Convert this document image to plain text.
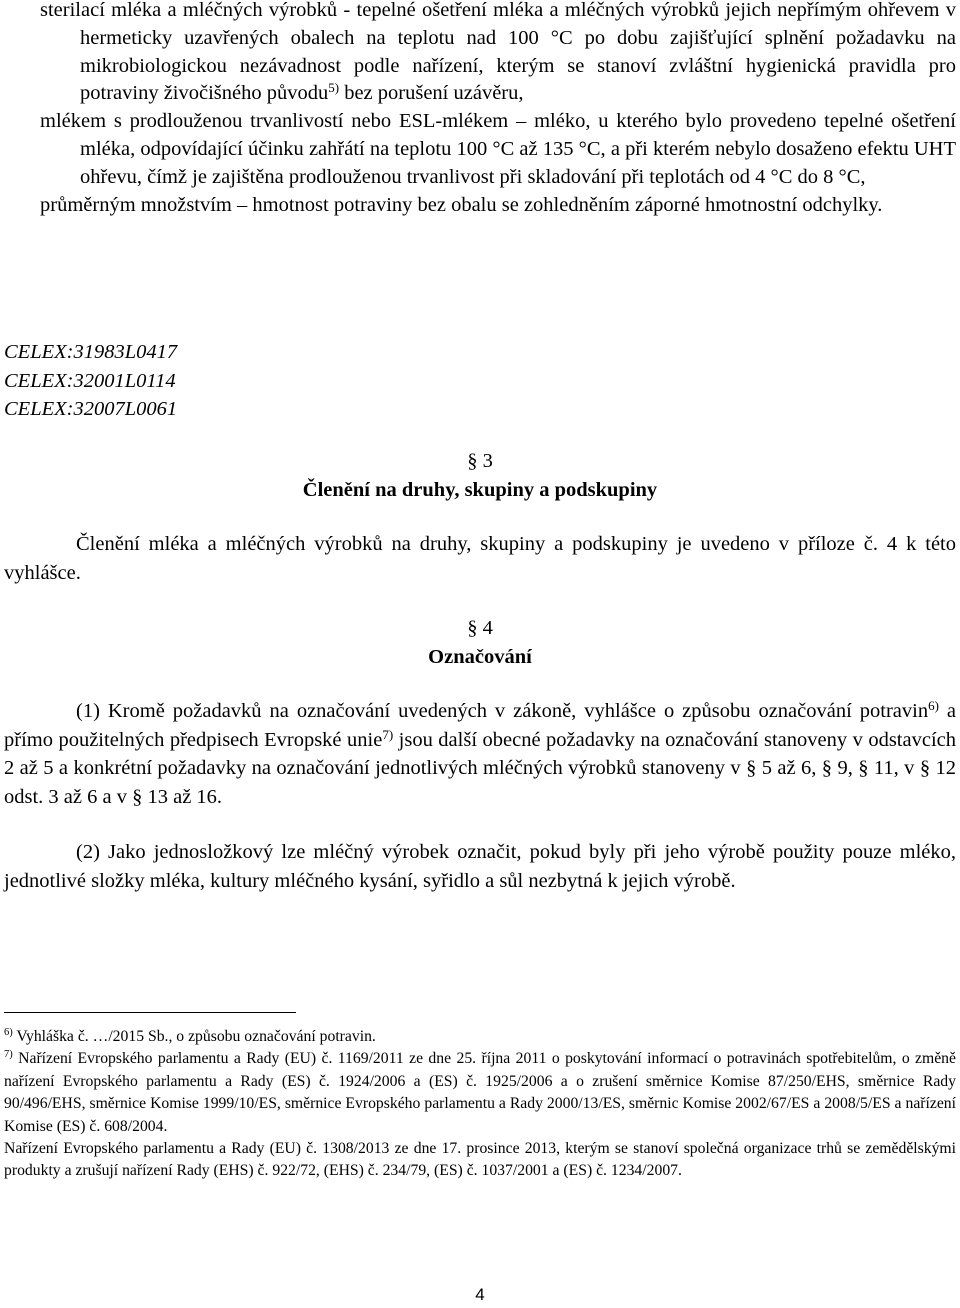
sterilací mléka a mléčných výrobků - tepelné ošetření mléka a mléčných výrobků jejich nepřímým ohřevem v hermeticky uzavřených obalech na teplotu nad 100 °C po dobu zajišťující splnění požadavku na mikrobiologickou nezávadnost podle nařízení, kterým se stanoví zvláštní hygienická pravidla pro potraviny živočišného původu$^{5)}$ bez porušení uzávěru,

mlékem s prodlouženou trvanlivostí nebo ESL-mlékem – mléko, u kterého bylo provedeno tepelné ošetření mléka, odpovídající účinku zahřátí na teplotu 100 °C až 135 °C, a při kterém nebylo dosaženo efektu UHT ohřevu, čímž je zajištěna prodlouženou trvanlivost při skladování při teplotách od 4 °C do 8 °C,

průměrným množstvím – hmotnost potraviny bez obalu se zohledněním záporné hmotnostní odchylky.

CELEX:31983L0417
CELEX:32001L0114
CELEX:32007L0061
§ 3
Členění na druhy, skupiny a podskupiny

Členění mléka a mléčných výrobků na druhy, skupiny a podskupiny je uvedeno v příloze č. 4 k této vyhlášce.

§ 4
Označování

(1) Kromě požadavků na označování uvedených v zákoně, vyhlášce o způsobu označování potravin$^{6)}$ a přímo použitelných předpisech Evropské unie$^{7)}$ jsou další obecné požadavky na označování stanoveny v odstavcích 2 až 5 a konkrétní požadavky na označování jednotlivých mléčných výrobků stanoveny v § 5 až 6, § 9, § 11, v § 12 odst. 3 až 6 a v § 13 až 16.

(2) Jako jednosložkový lze mléčný výrobek označit, pokud byly při jeho výrobě použity pouze mléko, jednotlivé složky mléka, kultury mléčného kysání, syřidlo a sůl nezbytná k jejich výrobě.

$^{6)}$ Vyhláška č. …/2015 Sb., o způsobu označování potravin.

$^{7)}$ Nařízení Evropského parlamentu a Rady (EU) č. 1169/2011 ze dne 25. října 2011 o poskytování informací o potravinách spotřebitelům, o změně nařízení Evropského parlamentu a Rady (ES) č. 1924/2006 a (ES) č. 1925/2006 a o zrušení směrnice Komise 87/250/EHS, směrnice Rady 90/496/EHS, směrnice Komise 1999/10/ES, směrnice Evropského parlamentu a Rady 2000/13/ES, směrnic Komise 2002/67/ES a 2008/5/ES a nařízení Komise (ES) č. 608/2004.

Nařízení Evropského parlamentu a Rady (EU) č. 1308/2013 ze dne 17. prosince 2013, kterým se stanoví společná organizace trhů se zemědělskými produkty a zrušují nařízení Rady (EHS) č. 922/72, (EHS) č. 234/79, (ES) č. 1037/2001 a (ES) č. 1234/2007.

4
